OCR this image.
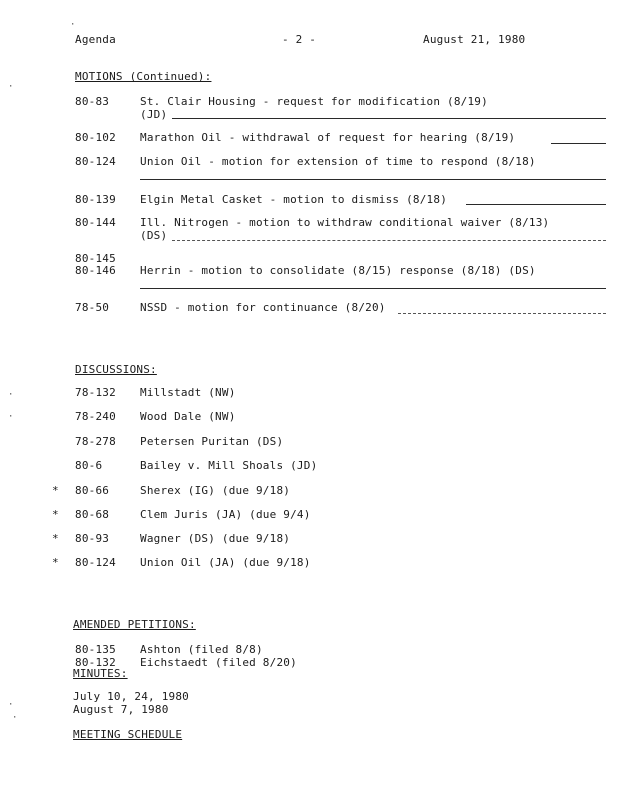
Agenda	- 2 -	August 21, 1980
MOTIONS (Continued):
80-83	St. Clair Housing - request for modification (8/19)
(JD)
80-102 Marathon Oil - withdrawal of request for hearing (8/19)
80-124 Union Oil - motion for extension of time to respond (8/18)
80-139 Elgin Metal Casket - motion to dismiss (8/18)
80-144 Ill. Nitrogen - motion to withdraw conditional waiver (8/13)
(DS)
80-145
80-146 Herrin - motion to consolidate (8/15) response (8/18) (DS)
78-50	NSSD - motion for continuance (8/20)
DISCUSSIONS:
78-132 Millstadt (NW)
78-240 Wood Dale (NW)
78-278 Petersen Puritan (DS)
80-6	Bailey v. Mill Shoals (JD)
* 80-66	Sherex (IG) (due 9/18)
* 80-68	Clem Juris (JA) (due 9/4)
* 80-93	Wagner (DS) (due 9/18)
* 80-124 Union Oil (JA) (due 9/18)
AMENDED PETITIONS:
80-135 Ashton (filed 8/8)
80-132 Eichstaedt (filed 8/20)
MINUTES:
July 10, 24, 1980
August 7, 1980
MEETING SCHEDULE
·
·
·
·
·
·
